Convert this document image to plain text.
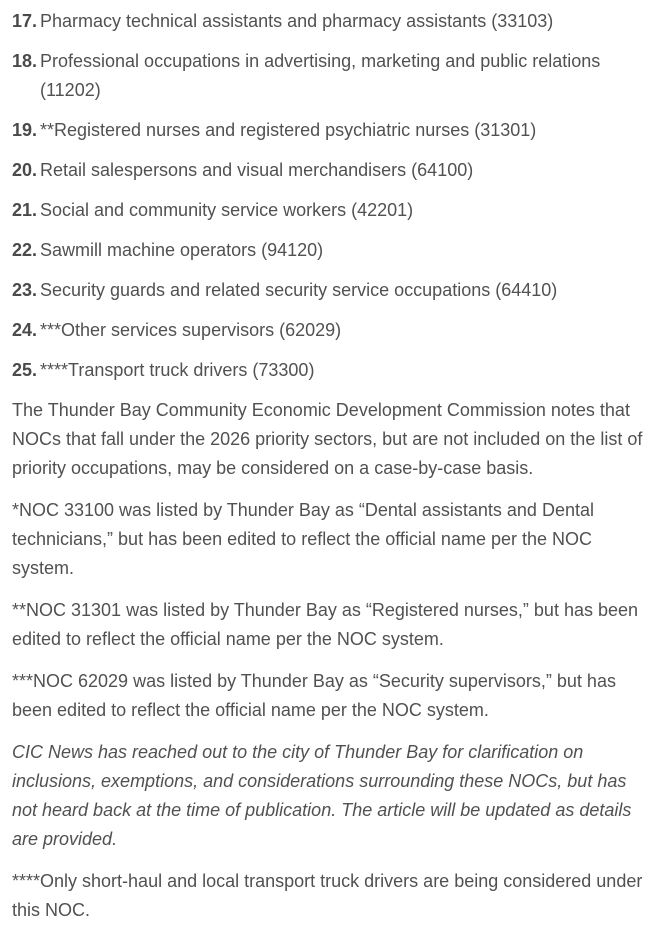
17. Pharmacy technical assistants and pharmacy assistants (33103)
18. Professional occupations in advertising, marketing and public relations (11202)
19. **Registered nurses and registered psychiatric nurses (31301)
20. Retail salespersons and visual merchandisers (64100)
21. Social and community service workers (42201)
22. Sawmill machine operators (94120)
23. Security guards and related security service occupations (64410)
24. ***Other services supervisors (62029)
25. ****Transport truck drivers (73300)

The Thunder Bay Community Economic Development Commission notes that NOCs that fall under the 2026 priority sectors, but are not included on the list of priority occupations, may be considered on a case-by-case basis.

*NOC 33100 was listed by Thunder Bay as “Dental assistants and Dental technicians,” but has been edited to reflect the official name per the NOC system.

**NOC 31301 was listed by Thunder Bay as “Registered nurses,” but has been edited to reflect the official name per the NOC system.

***NOC 62029 was listed by Thunder Bay as “Security supervisors,” but has been edited to reflect the official name per the NOC system.

CIC News has reached out to the city of Thunder Bay for clarification on inclusions, exemptions, and considerations surrounding these NOCs, but has not heard back at the time of publication. The article will be updated as details are provided.

****Only short-haul and local transport truck drivers are being considered under this NOC.
